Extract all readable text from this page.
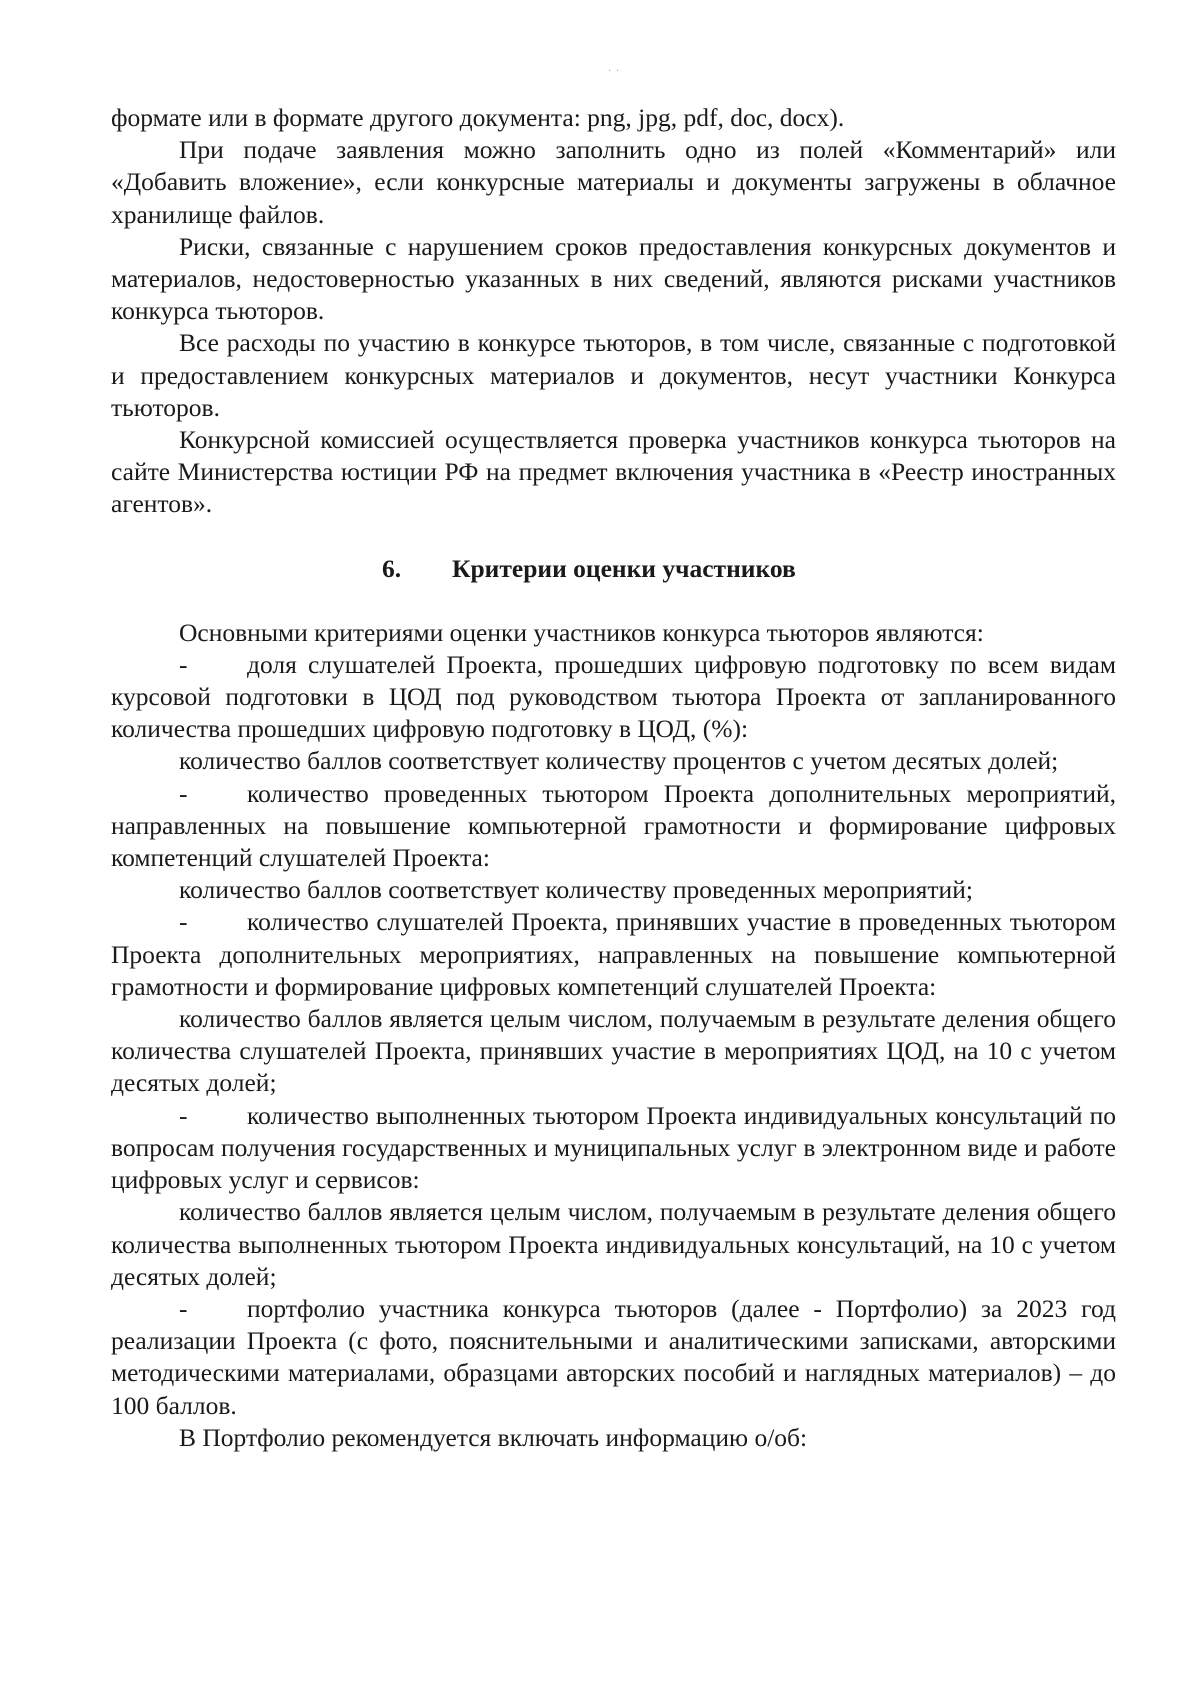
· ·

формате или в формате другого документа: png, jpg, pdf, doc, docx).

При подаче заявления можно заполнить одно из полей «Комментарий» или «Добавить вложение», если конкурсные материалы и документы загружены в облачное хранилище файлов.

Риски, связанные с нарушением сроков предоставления конкурсных документов и материалов, недостоверностью указанных в них сведений, являются рисками участников конкурса тьюторов.

Все расходы по участию в конкурсе тьюторов, в том числе, связанные с подготовкой и предоставлением конкурсных материалов и документов, несут участники Конкурса тьюторов.

Конкурсной комиссией осуществляется проверка участников конкурса тьюторов на сайте Министерства юстиции РФ на предмет включения участника в «Реестр иностранных агентов».

6. Критерии оценки участников

Основными критериями оценки участников конкурса тьюторов являются:

- доля слушателей Проекта, прошедших цифровую подготовку по всем видам курсовой подготовки в ЦОД под руководством тьютора Проекта от запланированного количества прошедших цифровую подготовку в ЦОД, (%):

количество баллов соответствует количеству процентов с учетом десятых долей;

- количество проведенных тьютором Проекта дополнительных мероприятий, направленных на повышение компьютерной грамотности и формирование цифровых компетенций слушателей Проекта:

количество баллов соответствует количеству проведенных мероприятий;

- количество слушателей Проекта, принявших участие в проведенных тьютором Проекта дополнительных мероприятиях, направленных на повышение компьютерной грамотности и формирование цифровых компетенций слушателей Проекта:

количество баллов является целым числом, получаемым в результате деления общего количества слушателей Проекта, принявших участие в мероприятиях ЦОД, на 10 с учетом десятых долей;

- количество выполненных тьютором Проекта индивидуальных консультаций по вопросам получения государственных и муниципальных услуг в электронном виде и работе цифровых услуг и сервисов:

количество баллов является целым числом, получаемым в результате деления общего количества выполненных тьютором Проекта индивидуальных консультаций, на 10 с учетом десятых долей;

- портфолио участника конкурса тьюторов (далее - Портфолио) за 2023 год реализации Проекта (с фото, пояснительными и аналитическими записками, авторскими методическими материалами, образцами авторских пособий и наглядных материалов) – до 100 баллов.

В Портфолио рекомендуется включать информацию о/об:
